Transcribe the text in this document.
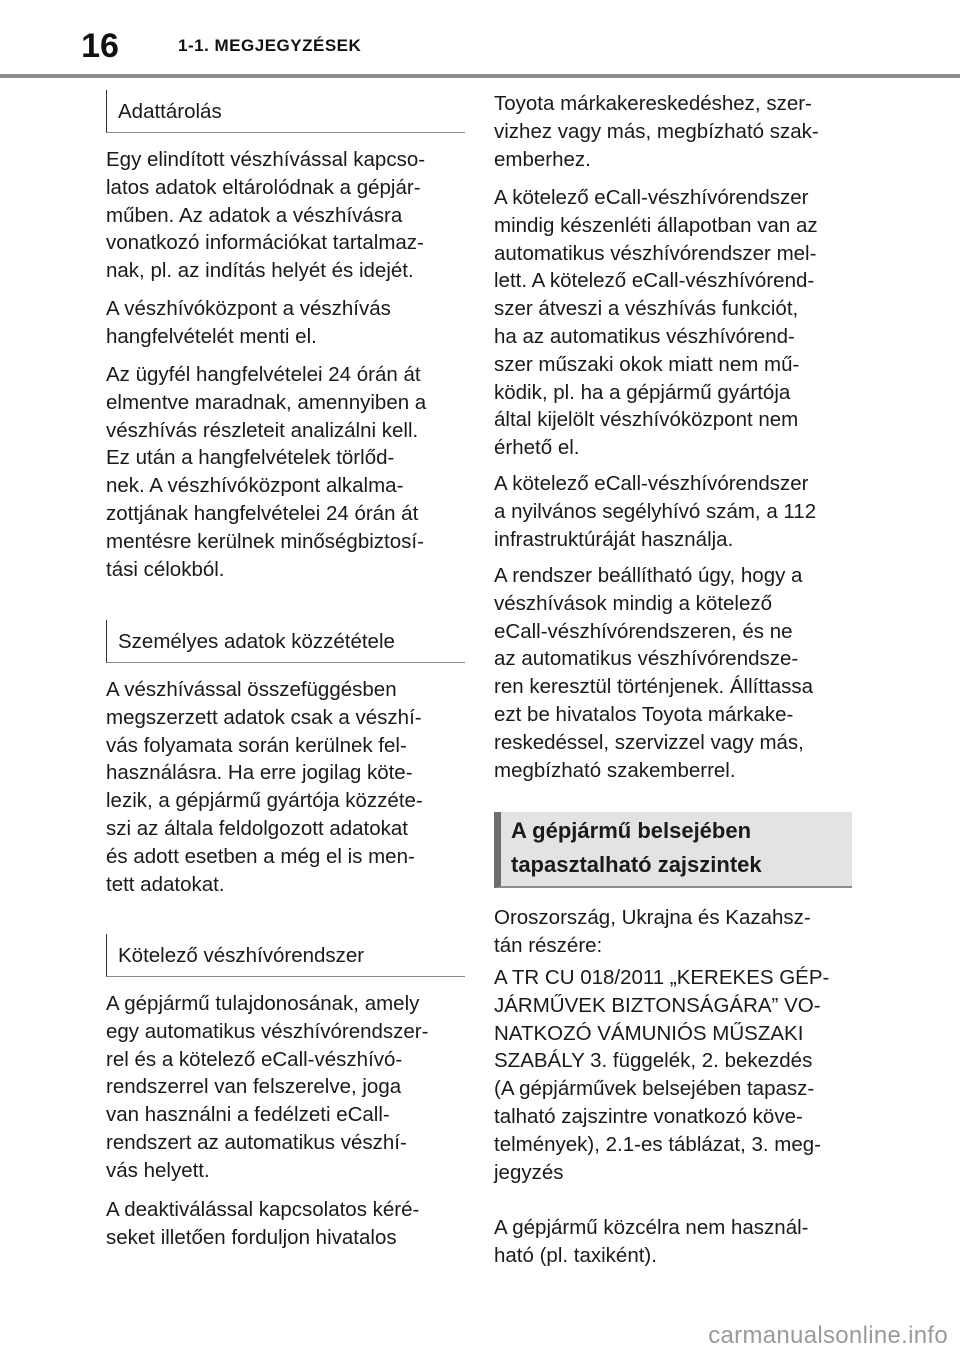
16	1-1. MEGJEGYZÉSEK
Adattárolás

Egy elindított vészhívással kapcso-
latos adatok eltárolódnak a gépjár-
műben. Az adatok a vészhívásra
vonatkozó információkat tartalmaz-
nak, pl. az indítás helyét és idejét.

A vészhívóközpont a vészhívás
hangfelvételét menti el.

Az ügyfél hangfelvételei 24 órán át
elmentve maradnak, amennyiben a
vészhívás részleteit analizálni kell.
Ez után a hangfelvételek törlőd-
nek. A vészhívóközpont alkalma-
zottjának hangfelvételei 24 órán át
mentésre kerülnek minőségbiztosí-
tási célokból.

Személyes adatok közzététele

A vészhívással összefüggésben
megszerzett adatok csak a vészhí-
vás folyamata során kerülnek fel-
használásra. Ha erre jogilag köte-
lezik, a gépjármű gyártója közzéte-
szi az általa feldolgozott adatokat
és adott esetben a még el is men-
tett adatokat.

Kötelező vészhívórendszer

A gépjármű tulajdonosának, amely
egy automatikus vészhívórendszer-
rel és a kötelező eCall-vészhívó-
rendszerrel van felszerelve, joga
van használni a fedélzeti eCall-
rendszert az automatikus vészhí-
vás helyett.

A deaktiválással kapcsolatos kéré-
seket illetően forduljon hivatalos

Toyota márkakereskedéshez, szer-
vizhez vagy más, megbízható szak-
emberhez.

A kötelező eCall-vészhívórendszer
mindig készenléti állapotban van az
automatikus vészhívórendszer mel-
lett. A kötelező eCall-vészhívórend-
szer átveszi a vészhívás funkciót,
ha az automatikus vészhívórend-
szer műszaki okok miatt nem mű-
ködik, pl. ha a gépjármű gyártója
által kijelölt vészhívóközpont nem
érhető el.

A kötelező eCall-vészhívórendszer
a nyilvános segélyhívó szám, a 112
infrastruktúráját használja.

A rendszer beállítható úgy, hogy a
vészhívások mindig a kötelező
eCall-vészhívórendszeren, és ne
az automatikus vészhívórendsze-
ren keresztül történjenek. Állíttassa
ezt be hivatalos Toyota márkake-
reskedéssel, szervizzel vagy más,
megbízható szakemberrel.

A gépjármű belsejében
tapasztalható zajszintek

Oroszország, Ukrajna és Kazahsz-
tán részére:

A TR CU 018/2011 „KEREKES GÉP-
JÁRMŰVEK BIZTONSÁGÁRA” VO-
NATKOZÓ VÁMUNIÓS MŰSZAKI
SZABÁLY 3. függelék, 2. bekezdés
(A gépjárművek belsejében tapasz-
talható zajszintre vonatkozó köve-
telmények), 2.1-es táblázat, 3. meg-
jegyzés

A gépjármű közcélra nem használ-
ható (pl. taxiként).

carmanualsonline.info
